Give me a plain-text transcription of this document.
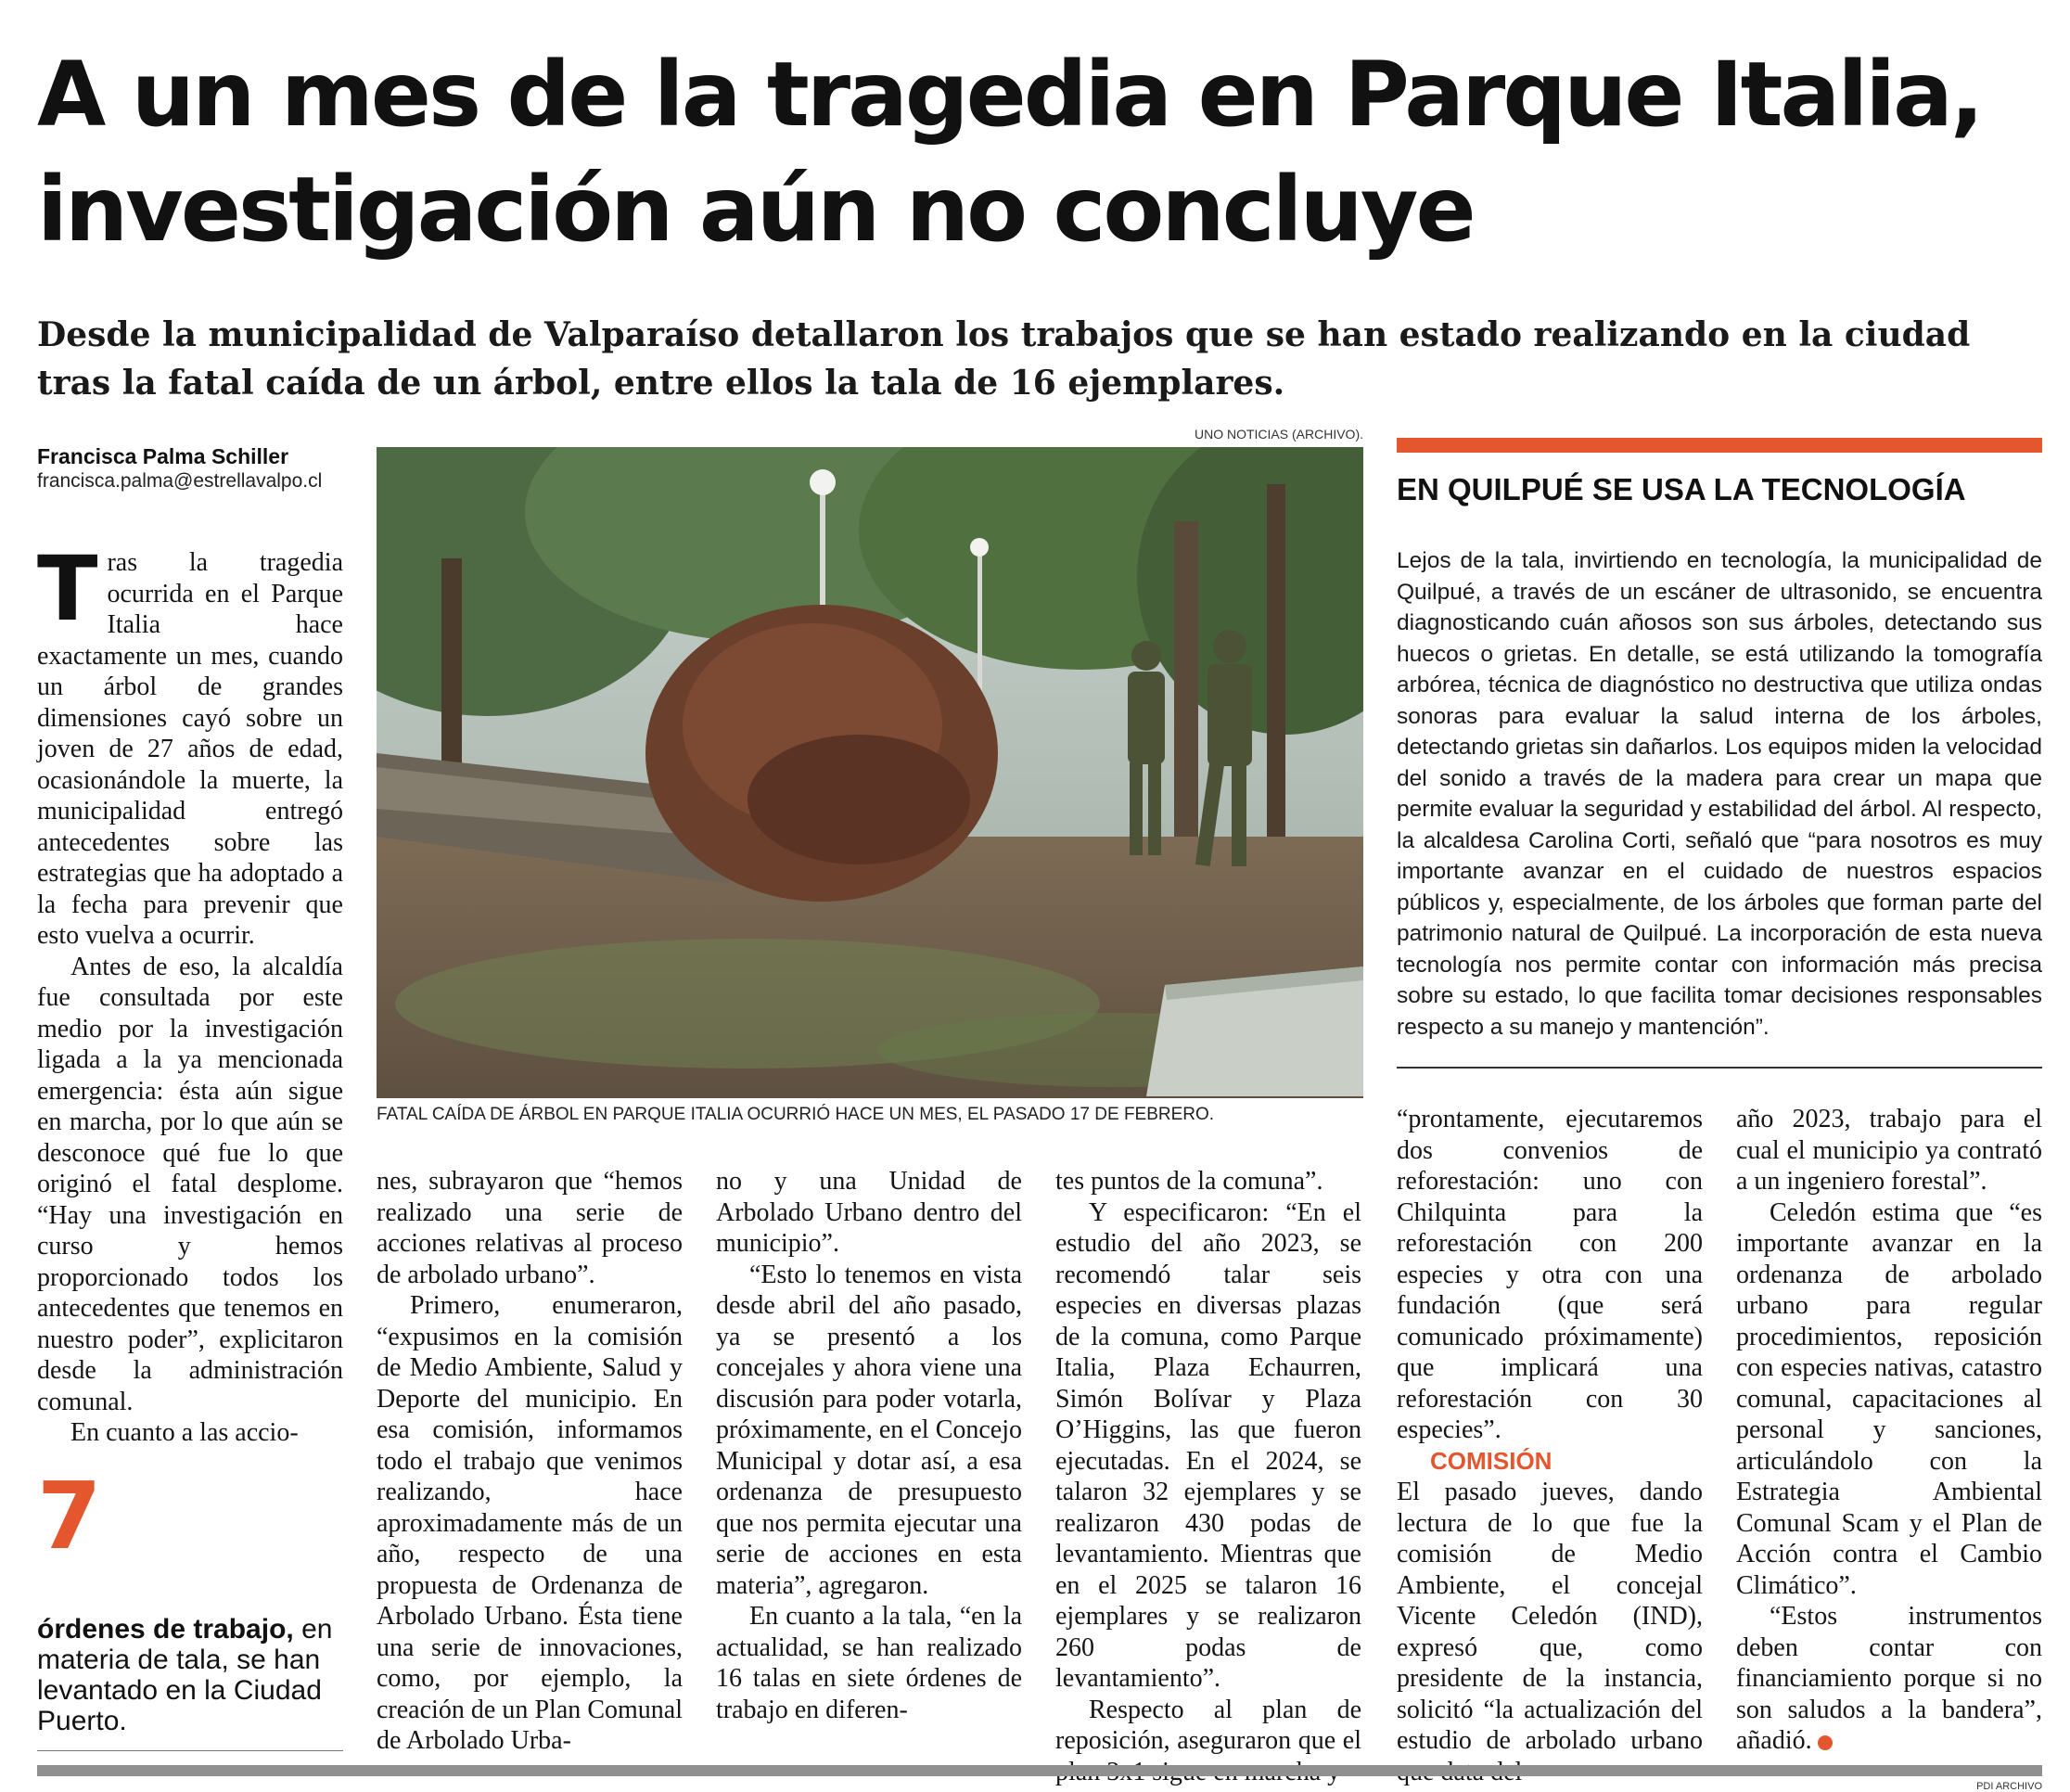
A un mes de la tragedia en Parque Italia, investigación aún no concluye

Desde la municipalidad de Valparaíso detallaron los trabajos que se han estado realizando en la ciudad tras la fatal caída de un árbol, entre ellos la tala de 16 ejemplares.

Francisca Palma Schiller
francisca.palma@estrellavalpo.cl

Tras la tragedia ocurrida en el Parque Italia hace exactamente un mes, cuando un árbol de grandes dimensiones cayó sobre un joven de 27 años de edad, ocasionándole la muerte, la municipalidad entregó antecedentes sobre las estrategias que ha adoptado a la fecha para prevenir que esto vuelva a ocurrir.

Antes de eso, la alcaldía fue consultada por este medio por la investigación ligada a la ya mencionada emergencia: ésta aún sigue en marcha, por lo que aún se desconoce qué fue lo que originó el fatal desplome. “Hay una investigación en curso y hemos proporcionado todos los antecedentes que tenemos en nuestro poder”, explicitaron desde la administración comunal.

En cuanto a las accio-

7
órdenes de trabajo, en materia de tala, se han levantado en la Ciudad Puerto.
UNO NOTICIAS (ARCHIVO).
FATAL CAÍDA DE ÁRBOL EN PARQUE ITALIA OCURRIÓ HACE UN MES, EL PASADO 17 DE FEBRERO.
EN QUILPUÉ SE USA LA TECNOLOGÍA

Lejos de la tala, invirtiendo en tecnología, la municipalidad de Quilpué, a través de un escáner de ultrasonido, se encuentra diagnosticando cuán añosos son sus árboles, detectando sus huecos o grietas. En detalle, se está utilizando la tomografía arbórea, técnica de diagnóstico no destructiva que utiliza ondas sonoras para evaluar la salud interna de los árboles, detectando grietas sin dañarlos. Los equipos miden la velocidad del sonido a través de la madera para crear un mapa que permite evaluar la seguridad y estabilidad del árbol. Al respecto, la alcaldesa Carolina Corti, señaló que “para nosotros es muy importante avanzar en el cuidado de nuestros espacios públicos y, especialmente, de los árboles que forman parte del patrimonio natural de Quilpué. La incorporación de esta nueva tecnología nos permite contar con información más precisa sobre su estado, lo que facilita tomar decisiones responsables respecto a su manejo y mantención”.

nes, subrayaron que “hemos realizado una serie de acciones relativas al proceso de arbolado urbano”.

Primero, enumeraron, “expusimos en la comisión de Medio Ambiente, Salud y Deporte del municipio. En esa comisión, informamos todo el trabajo que venimos realizando, hace aproximadamente más de un año, respecto de una propuesta de Ordenanza de Arbolado Urbano. Ésta tiene una serie de innovaciones, como, por ejemplo, la creación de un Plan Comunal de Arbolado Urba-

no y una Unidad de Arbolado Urbano dentro del municipio”.

“Esto lo tenemos en vista desde abril del año pasado, ya se presentó a los concejales y ahora viene una discusión para poder votarla, próximamente, en el Concejo Municipal y dotar así, a esa ordenanza de presupuesto que nos permita ejecutar una serie de acciones en esta materia”, agregaron.

En cuanto a la tala, “en la actualidad, se han realizado 16 talas en siete órdenes de trabajo en diferen-

tes puntos de la comuna”.

Y especificaron: “En el estudio del año 2023, se recomendó talar seis especies en diversas plazas de la comuna, como Parque Italia, Plaza Echaurren, Simón Bolívar y Plaza O’Higgins, las que fueron ejecutadas. En el 2024, se talaron 32 ejemplares y se realizaron 430 podas de levantamiento. Mientras que en el 2025 se talaron 16 ejemplares y se realizaron 260 podas de levantamiento”.

Respecto al plan de reposición, aseguraron que el

“prontamente, ejecutaremos dos convenios de reforestación: uno con Chilquinta para la reforestación con 200 especies y otra con una fundación (que será comunicado próximamente) que implicará una reforestación con 30 especies”.

COMISIÓN

El pasado jueves, dando lectura de lo que fue la comisión de Medio Ambiente, el concejal Vicente Celedón (IND), expresó que, como presidente de la instancia, solicitó “la actualización del estudio de arbolado urbano

año 2023, trabajo para el cual el municipio ya contrató a un ingeniero forestal”.

Celedón estima que “es importante avanzar en la ordenanza de arbolado urbano para regular procedimientos, reposición con especies nativas, catastro comunal, capacitaciones al personal y sanciones, articulándolo con la Estrategia Ambiental Comunal Scam y el Plan de Acción contra el Cambio Climático”.

“Estos instrumentos deben contar con financiamiento porque si no son saludos a la bandera”, añadió.

PDI ARCHIVO
